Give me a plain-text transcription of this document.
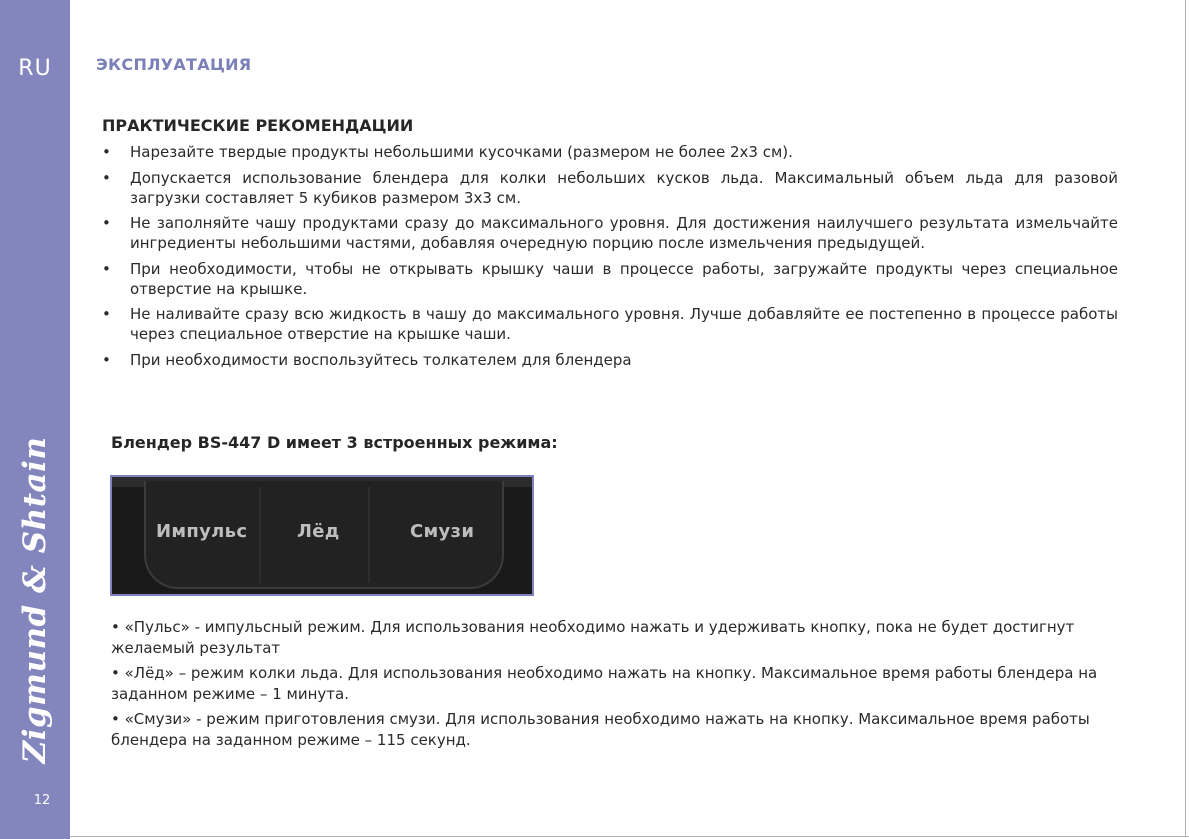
RU
Zigmund & Shtain
12
ЭКСПЛУАТАЦИЯ
ПРАКТИЧЕСКИЕ РЕКОМЕНДАЦИИ
• Нарезайте твердые продукты небольшими кусочками (размером не более 2x3 см).
• Допускается использование блендера для колки небольших кусков льда. Максимальный объем льда для разовой загрузки составляет 5 кубиков размером 3x3 см.
• Не заполняйте чашу продуктами сразу до максимального уровня. Для достижения наилучшего результата измельчайте ингредиенты небольшими частями, добавляя очередную порцию после измельчения предыдущей.
• При необходимости, чтобы не открывать крышку чаши в процессе работы, загружайте продукты через специальное отверстие на крышке.
• Не наливайте сразу всю жидкость в чашу до максимального уровня. Лучше добавляйте ее постепенно в процессе работы через специальное отверстие на крышке чаши.
• При необходимости воспользуйтесь толкателем для блендера
Блендер BS-447 D имеет 3 встроенных режима:
Импульс	Лёд	Смузи
• «Пульс» - импульсный режим. Для использования необходимо нажать и удерживать кнопку, пока не будет достигнут желаемый результат
• «Лёд» – режим колки льда. Для использования необходимо нажать на кнопку. Максимальное время работы блендера на заданном режиме – 1 минута.
• «Смузи» - режим приготовления смузи. Для использования необходимо нажать на кнопку. Максимальное время работы блендера на заданном режиме – 115 секунд.
